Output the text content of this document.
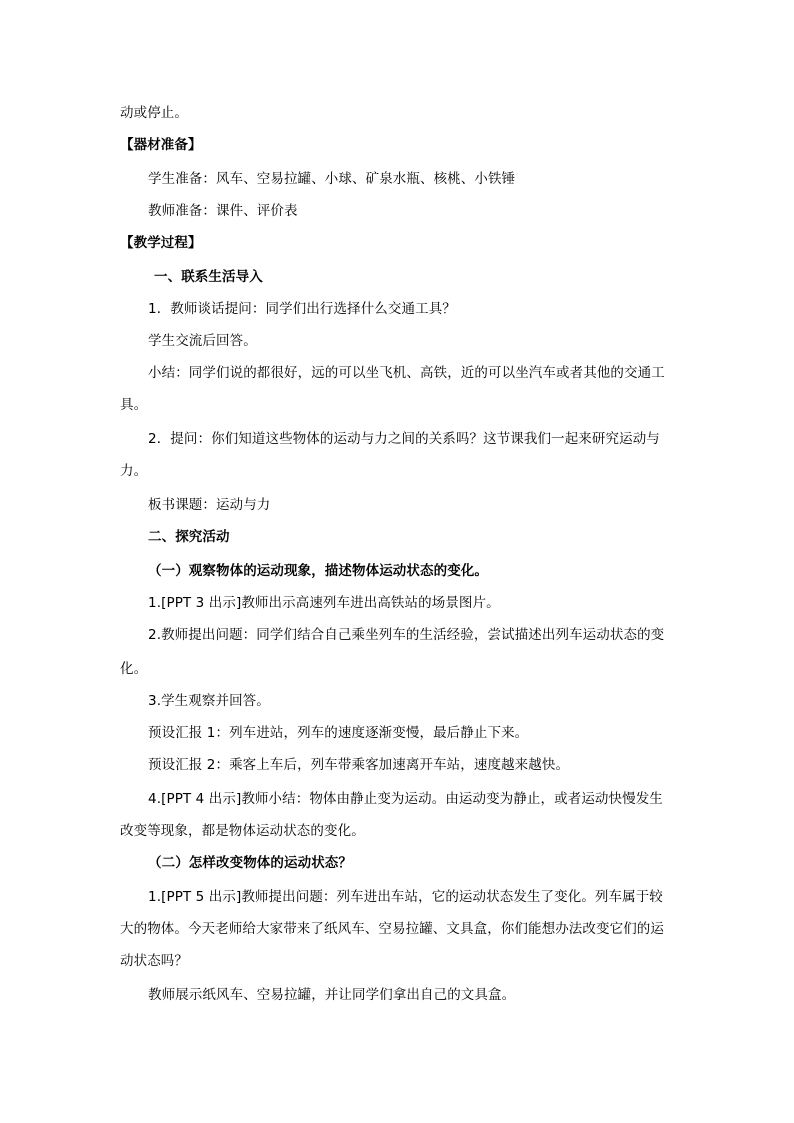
动或停止。
【器材准备】
学生准备：风车、空易拉罐、小球、矿泉水瓶、核桃、小铁锤
教师准备：课件、评价表
【教学过程】
一、联系生活导入
1．教师谈话提问：同学们出行选择什么交通工具？
学生交流后回答。
小结：同学们说的都很好，远的可以坐飞机、高铁，近的可以坐汽车或者其他的交通工
具。
2．提问：你们知道这些物体的运动与力之间的关系吗？这节课我们一起来研究运动与
力。
板书课题：运动与力
二、探究活动
（一）观察物体的运动现象，描述物体运动状态的变化。
1.[PPT 3 出示]教师出示高速列车进出高铁站的场景图片。
2.教师提出问题：同学们结合自己乘坐列车的生活经验，尝试描述出列车运动状态的变
化。
3.学生观察并回答。
预设汇报 1：列车进站，列车的速度逐渐变慢，最后静止下来。
预设汇报 2：乘客上车后，列车带乘客加速离开车站，速度越来越快。
4.[PPT 4 出示]教师小结：物体由静止变为运动。由运动变为静止，或者运动快慢发生
改变等现象，都是物体运动状态的变化。
（二）怎样改变物体的运动状态？
1.[PPT 5 出示]教师提出问题：列车进出车站，它的运动状态发生了变化。列车属于较
大的物体。今天老师给大家带来了纸风车、空易拉罐、文具盒，你们能想办法改变它们的运
动状态吗？
教师展示纸风车、空易拉罐，并让同学们拿出自己的文具盒。
